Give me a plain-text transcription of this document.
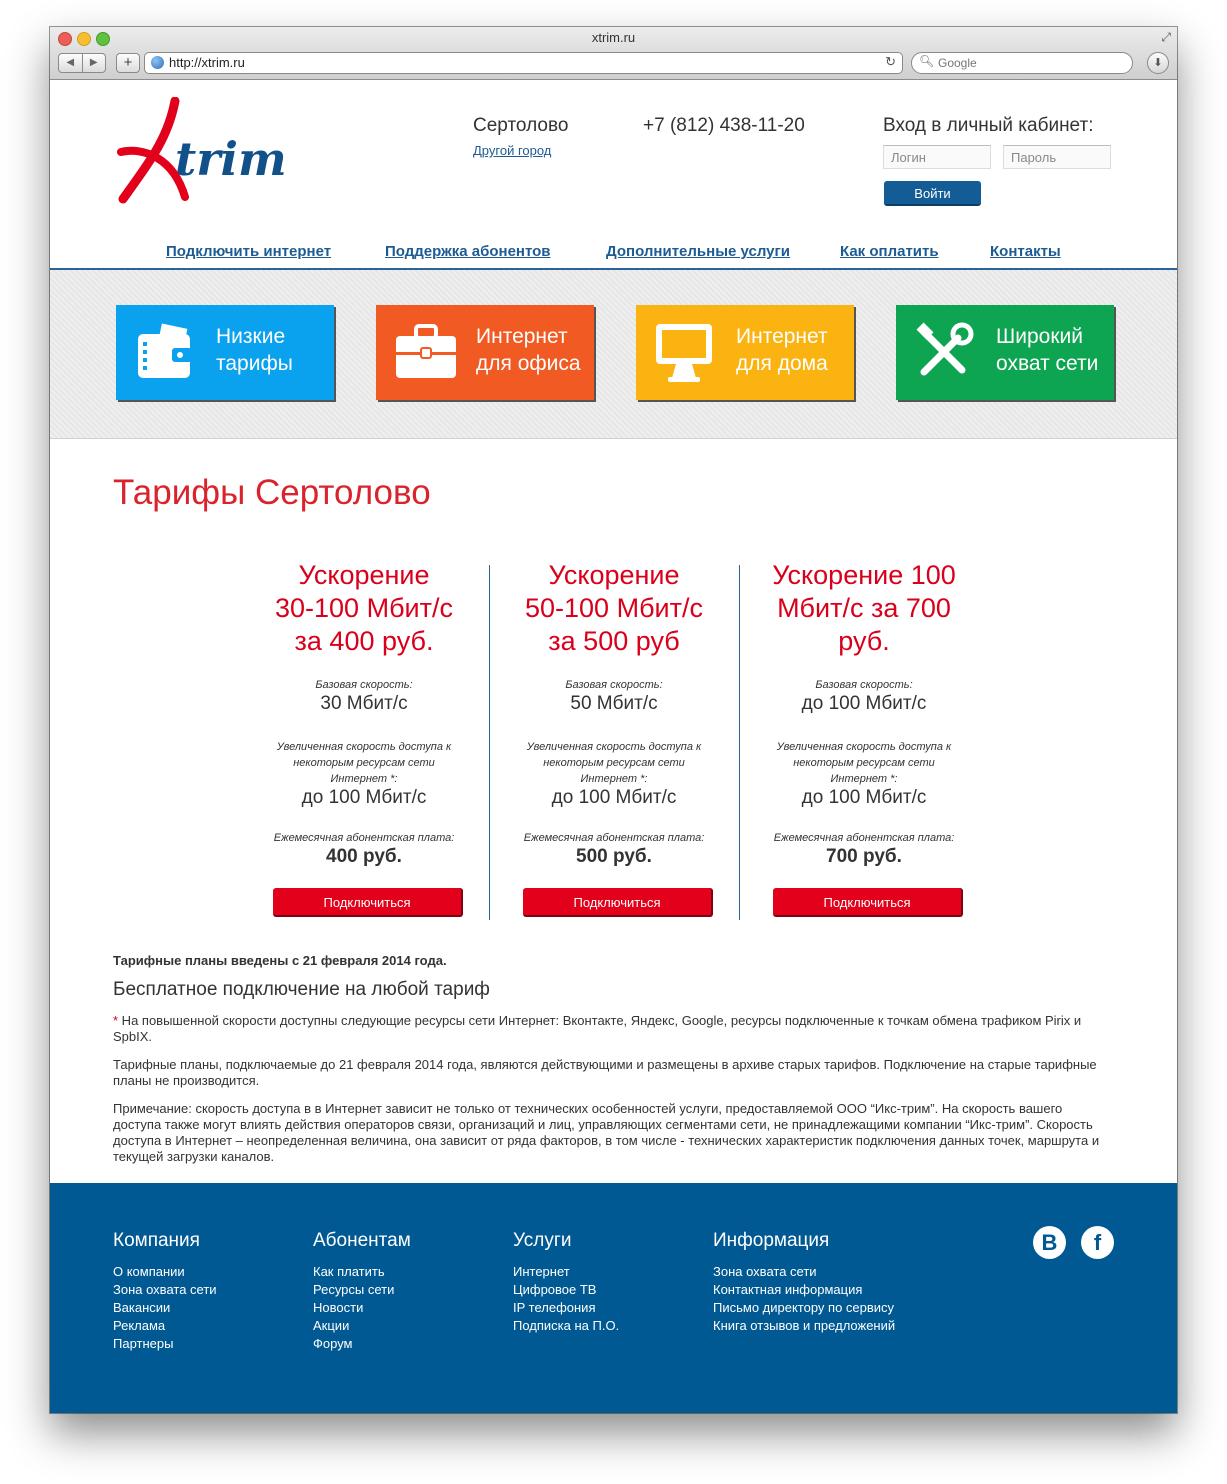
xtrim.ru	⤢
◀	▶	+	http://xtrim.ru	↻ 🔍︎ Google	⬇
trim
Сертолово
Другой город
+7 (812) 438-11-20	Вход в личный кабинет:
Логин	Пароль
Войти
Подключить интернет	Поддержка абонентов	Дополнительные услуги	Как оплатить	Контакты
Низкие
тарифы
Интернет
для офиса
Интернет
для дома
Широкий
охват сети
Тарифы Сертолово
Ускорение
30-100 Мбит/с
за 400 руб.
Базовая скорость:
30 Мбит/с
Увеличенная скорость доступа к
некоторым ресурсам сети
Интернет *:
до 100 Мбит/с
Ежемесячная абонентская плата:
400 руб.
Подключиться
Ускорение
50-100 Мбит/с
за 500 руб
Базовая скорость:
50 Мбит/с
Увеличенная скорость доступа к
некоторым ресурсам сети
Интернет *:
до 100 Мбит/с
Ежемесячная абонентская плата:
500 руб.
Подключиться
Ускорение 100
Мбит/с за 700
руб.
Базовая скорость:
до 100 Мбит/с
Увеличенная скорость доступа к
некоторым ресурсам сети
Интернет *:
до 100 Мбит/с
Ежемесячная абонентская плата:
700 руб.
Подключиться
Тарифные планы введены с 21 февраля 2014 года.
Бесплатное подключение на любой тариф
* На повышенной скорости доступны следующие ресурсы сети Интернет: Вконтакте, Яндекс, Google, ресурсы подключенные к точкам обмена трафиком Pirix и SpbIX.
Тарифные планы, подключаемые до 21 февраля 2014 года, являются действующими и размещены в архиве старых тарифов. Подключение на старые тарифные планы не производится.
Примечание: скорость доступа в в Интернет зависит не только от технических особенностей услуги, предоставляемой ООО “Икс-трим”. На скорость вашего доступа также могут влиять действия операторов связи, организаций и лиц, управляющих сегментами сети, не принадлежащими компании “Икс-трим”. Скорость доступа в Интернет – неопределенная величина, она зависит от ряда факторов, в том числе - технических характеристик подключения данных точек, маршрута и текущей загрузки каналов.
Компания
О компании
Зона охвата сети
Вакансии
Реклама
Партнеры
Абонентам
Как платить
Ресурсы сети
Новости
Акции
Форум
Услуги
Интернет
Цифровое ТВ
IP телефония
Подписка на П.О.
Информация
Зона охвата сети
Контактная информация
Письмо директору по сервису
Книга отзывов и предложений
B	f
